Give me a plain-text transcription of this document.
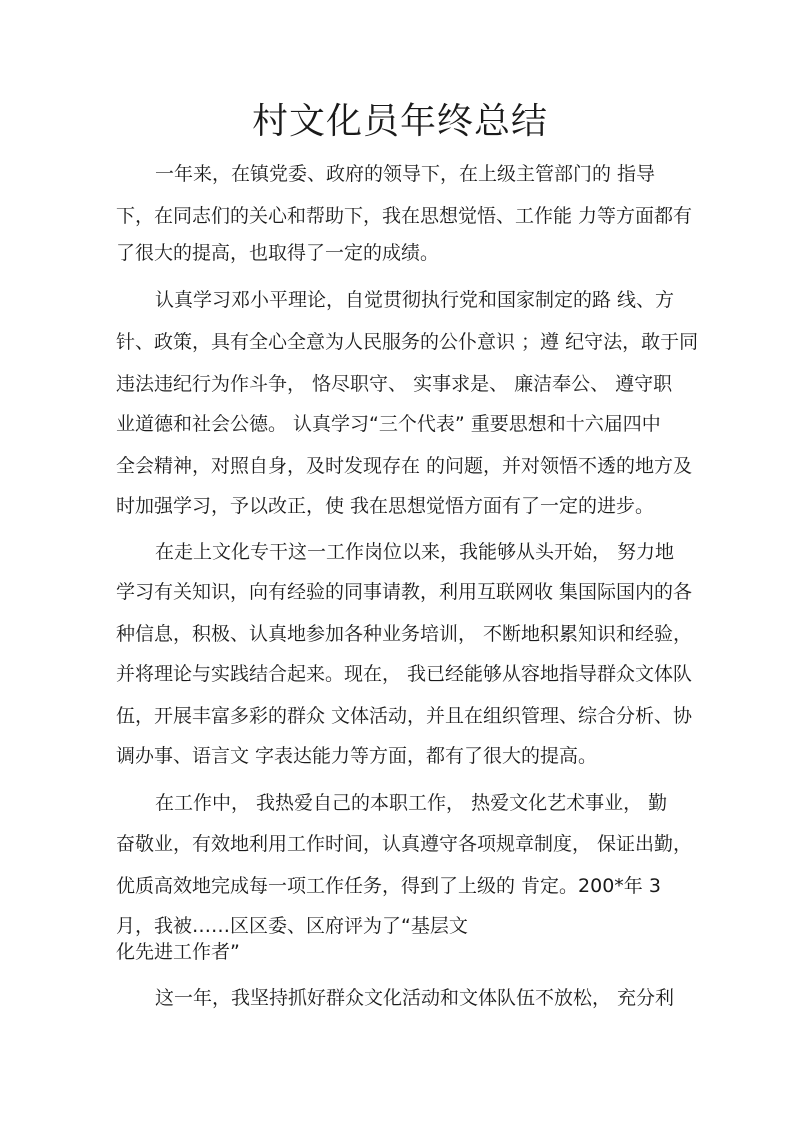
村文化员年终总结

一年来，在镇党委、政府的领导下，在上级主管部门的 指导

下，在同志们的关心和帮助下，我在思想觉悟、工作能 力等方面都有

了很大的提高，也取得了一定的成绩。

认真学习邓小平理论，自觉贯彻执行党和国家制定的路 线、方

针、政策，具有全心全意为人民服务的公仆意识 ；遵 纪守法，敢于同

违法违纪行为作斗争， 恪尽职守、 实事求是、 廉洁奉公、 遵守职

业道德和社会公德。 认真学习“三个代表” 重要思想和十六届四中

全会精神，对照自身，及时发现存在 的问题，并对领悟不透的地方及

时加强学习，予以改正，使 我在思想觉悟方面有了一定的进步。

在走上文化专干这一工作岗位以来，我能够从头开始， 努力地

学习有关知识，向有经验的同事请教，利用互联网收 集国际国内的各

种信息，积极、认真地参加各种业务培训， 不断地积累知识和经验，

并将理论与实践结合起来。现在， 我已经能够从容地指导群众文体队

伍，开展丰富多彩的群众 文体活动，并且在组织管理、综合分析、协

调办事、语言文 字表达能力等方面，都有了很大的提高。

在工作中， 我热爱自己的本职工作， 热爱文化艺术事业， 勤

奋敬业，有效地利用工作时间，认真遵守各项规章制度， 保证出勤，

优质高效地完成每一项工作任务，得到了上级的 肯定。200*年 3

月，我被……区区委、区府评为了“基层文

化先进工作者”

这一年，我坚持抓好群众文化活动和文体队伍不放松， 充分利
